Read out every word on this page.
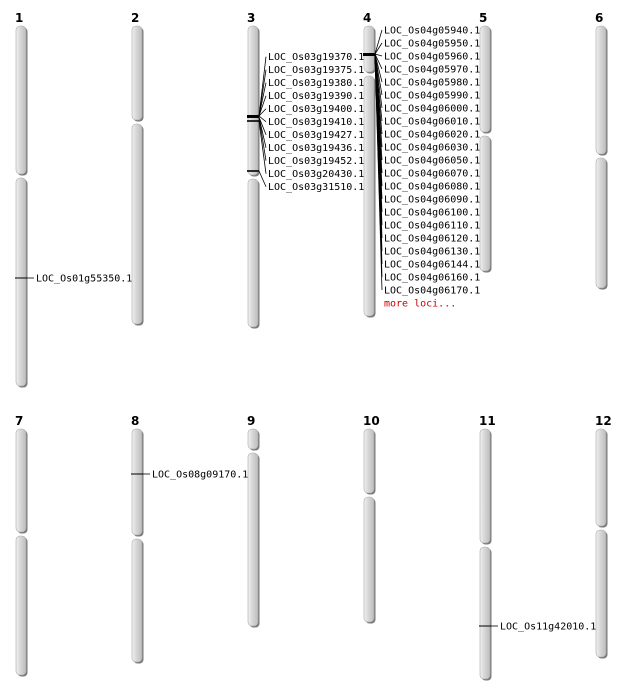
1
LOC_Os01g55350.1
2	3
LOC_Os03g19370.1
LOC_Os03g19375.1
LOC_Os03g19380.1
LOC_Os03g19390.1
LOC_Os03g19400.1
LOC_Os03g19410.1
LOC_Os03g19427.1
LOC_Os03g19436.1
LOC_Os03g19452.1
LOC_Os03g20430.1
LOC_Os03g31510.1
4
LOC_Os04g05940.1
LOC_Os04g05950.1
LOC_Os04g05960.1
LOC_Os04g05970.1
LOC_Os04g05980.1
LOC_Os04g05990.1
LOC_Os04g06000.1
LOC_Os04g06010.1
LOC_Os04g06020.1
LOC_Os04g06030.1
LOC_Os04g06050.1
LOC_Os04g06070.1
LOC_Os04g06080.1
LOC_Os04g06090.1
LOC_Os04g06100.1
LOC_Os04g06110.1
LOC_Os04g06120.1
LOC_Os04g06130.1
LOC_Os04g06144.1
LOC_Os04g06160.1
LOC_Os04g06170.1
more loci...
5	6
7	8
LOC_Os08g09170.1
9	10	11
LOC_Os11g42010.1
12
